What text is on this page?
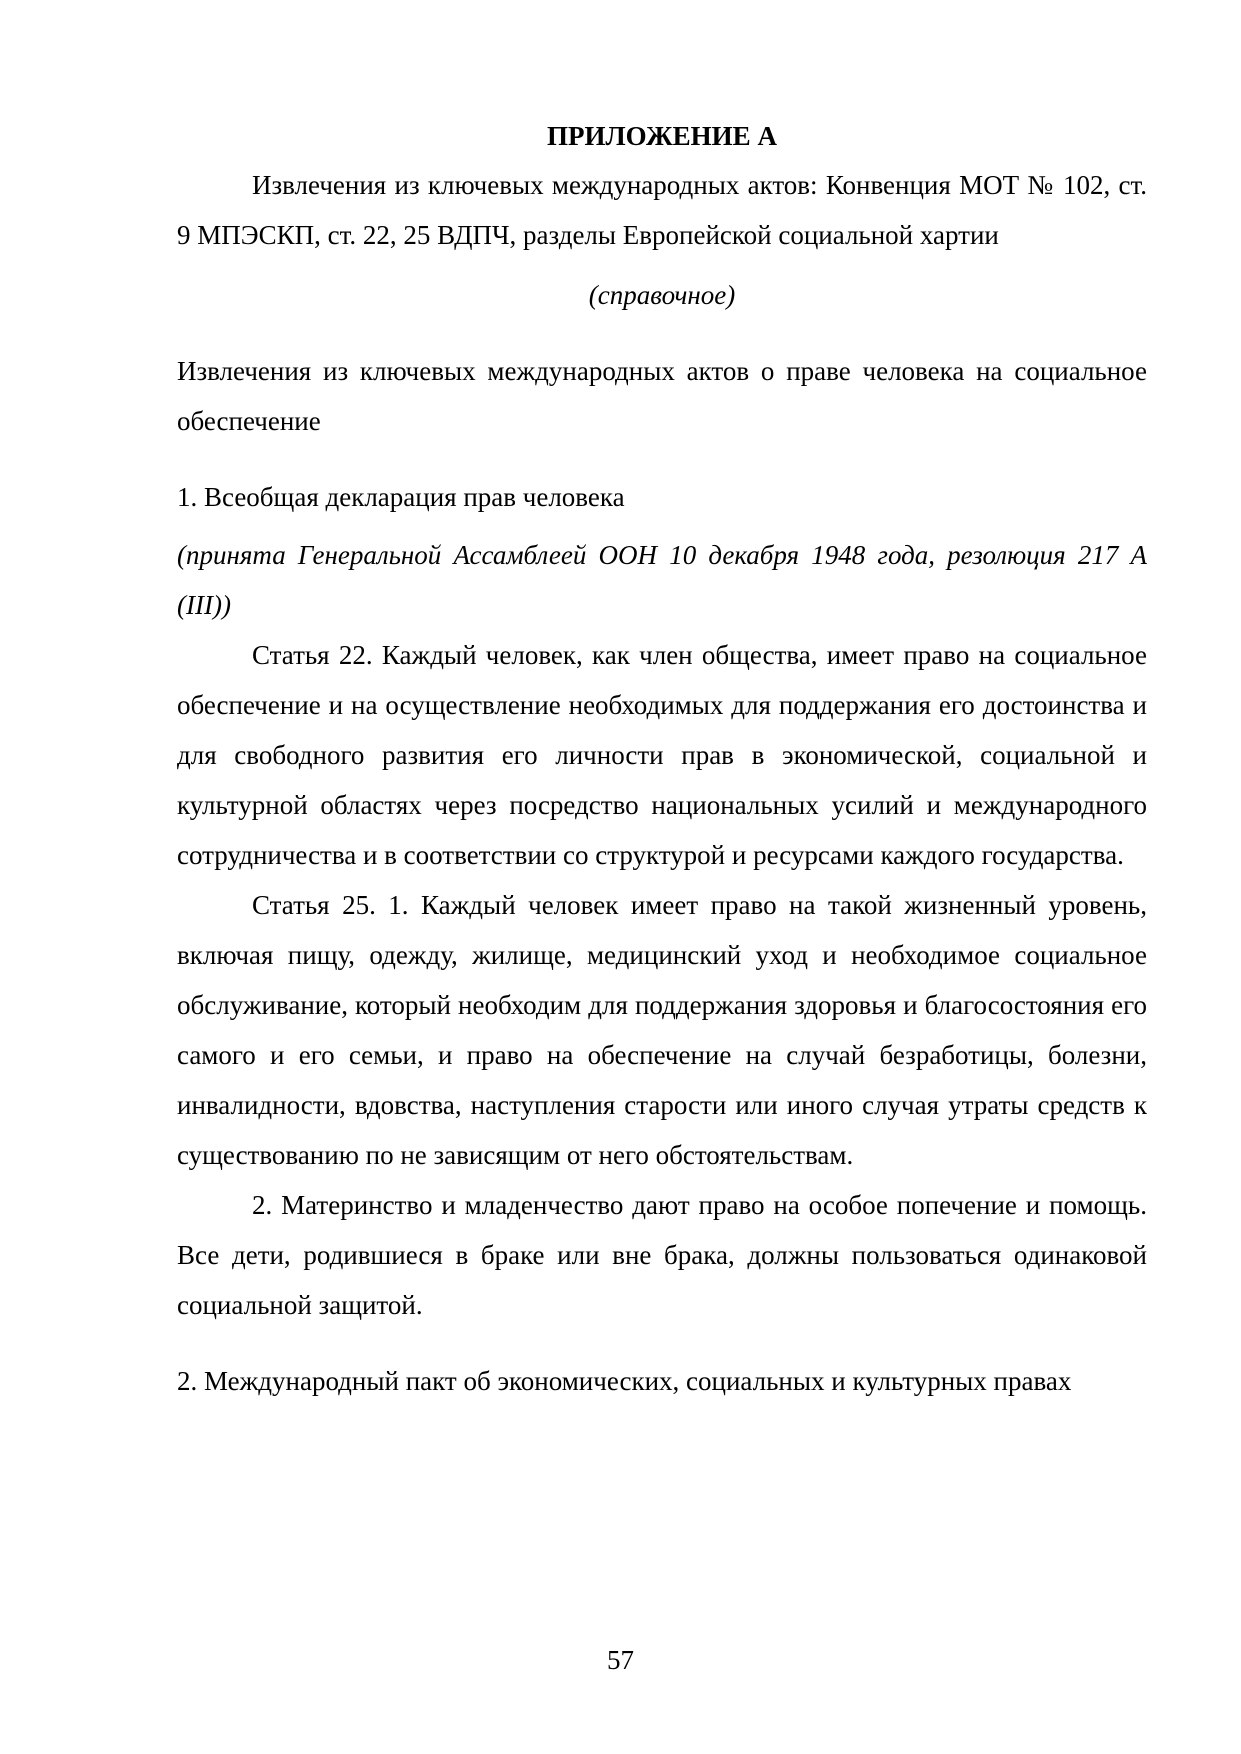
ПРИЛОЖЕНИЕ А

Извлечения из ключевых международных актов: Конвенция МОТ № 102, ст. 9 МПЭСКП, ст. 22, 25 ВДПЧ, разделы Европейской социальной хартии

(справочное)

Извлечения из ключевых международных актов о праве человека на социальное обеспечение

1. Всеобщая декларация прав человека

(принята Генеральной Ассамблеей ООН 10 декабря 1948 года, резолюция 217 А (III))

Статья 22. Каждый человек, как член общества, имеет право на социальное обеспечение и на осуществление необходимых для поддержания его достоинства и для свободного развития его личности прав в экономической, социальной и культурной областях через посредство национальных усилий и международного сотрудничества и в соответствии со структурой и ресурсами каждого государства.

Статья 25. 1. Каждый человек имеет право на такой жизненный уровень, включая пищу, одежду, жилище, медицинский уход и необходимое социальное обслуживание, который необходим для поддержания здоровья и благосостояния его самого и его семьи, и право на обеспечение на случай безработицы, болезни, инвалидности, вдовства, наступления старости или иного случая утраты средств к существованию по не зависящим от него обстоятельствам.

2. Материнство и младенчество дают право на особое попечение и помощь. Все дети, родившиеся в браке или вне брака, должны пользоваться одинаковой социальной защитой.

2. Международный пакт об экономических, социальных и культурных правах

57
